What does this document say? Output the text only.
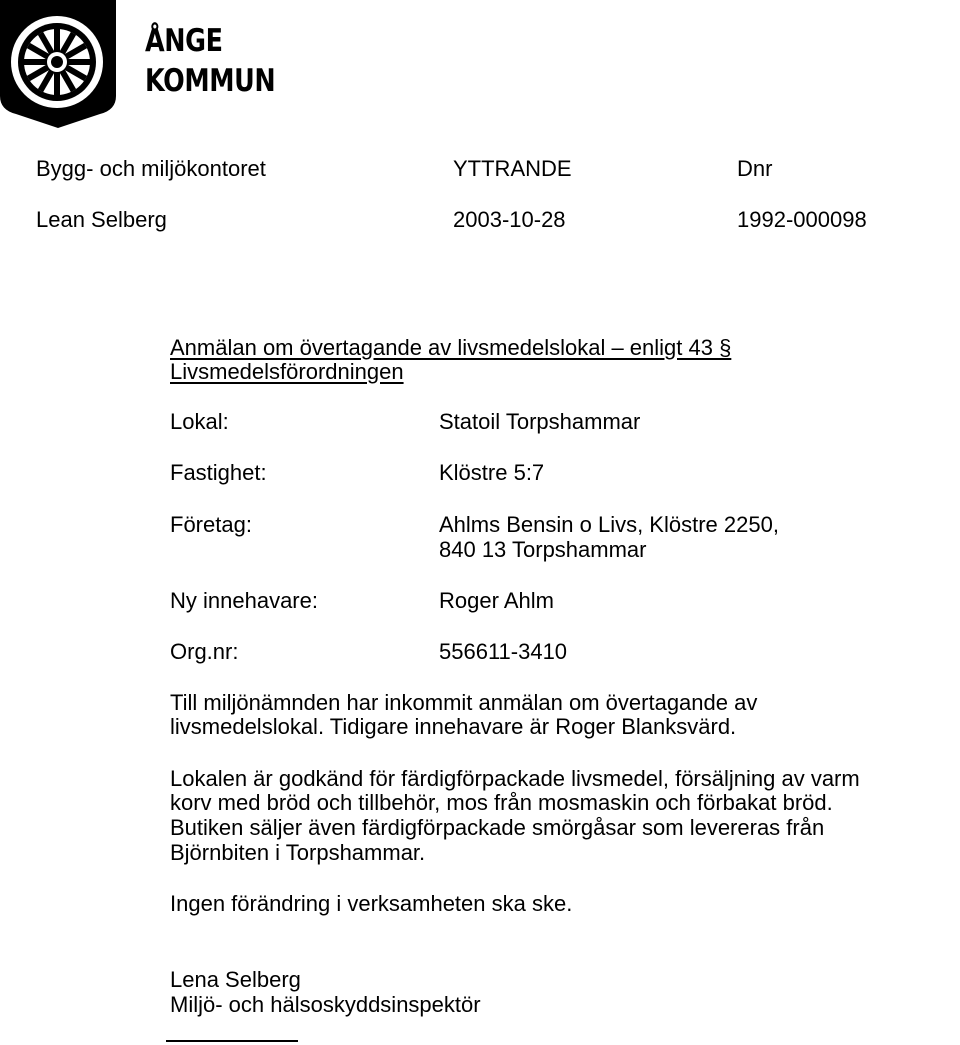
ÅNGE
KOMMUN
Bygg- och miljökontoret	YTTRANDE	Dnr
Lean Selberg	2003-10-28	1992-000098
Anmälan om övertagande av livsmedelslokal – enligt 43 §
Livsmedelsförordningen
Lokal:	Statoil Torpshammar
Fastighet:	Klöstre 5:7
Företag:	Ahlms Bensin o Livs, Klöstre 2250,
840 13 Torpshammar
Ny innehavare:	Roger Ahlm
Org.nr:	556611-3410
Till miljönämnden har inkommit anmälan om övertagande av
livsmedelslokal. Tidigare innehavare är Roger Blanksvärd.
Lokalen är godkänd för färdigförpackade livsmedel, försäljning av varm
korv med bröd och tillbehör, mos från mosmaskin och förbakat bröd.
Butiken säljer även färdigförpackade smörgåsar som levereras från
Björnbiten i Torpshammar.
Ingen förändring i verksamheten ska ske.
Lena Selberg
Miljö- och hälsoskyddsinspektör
